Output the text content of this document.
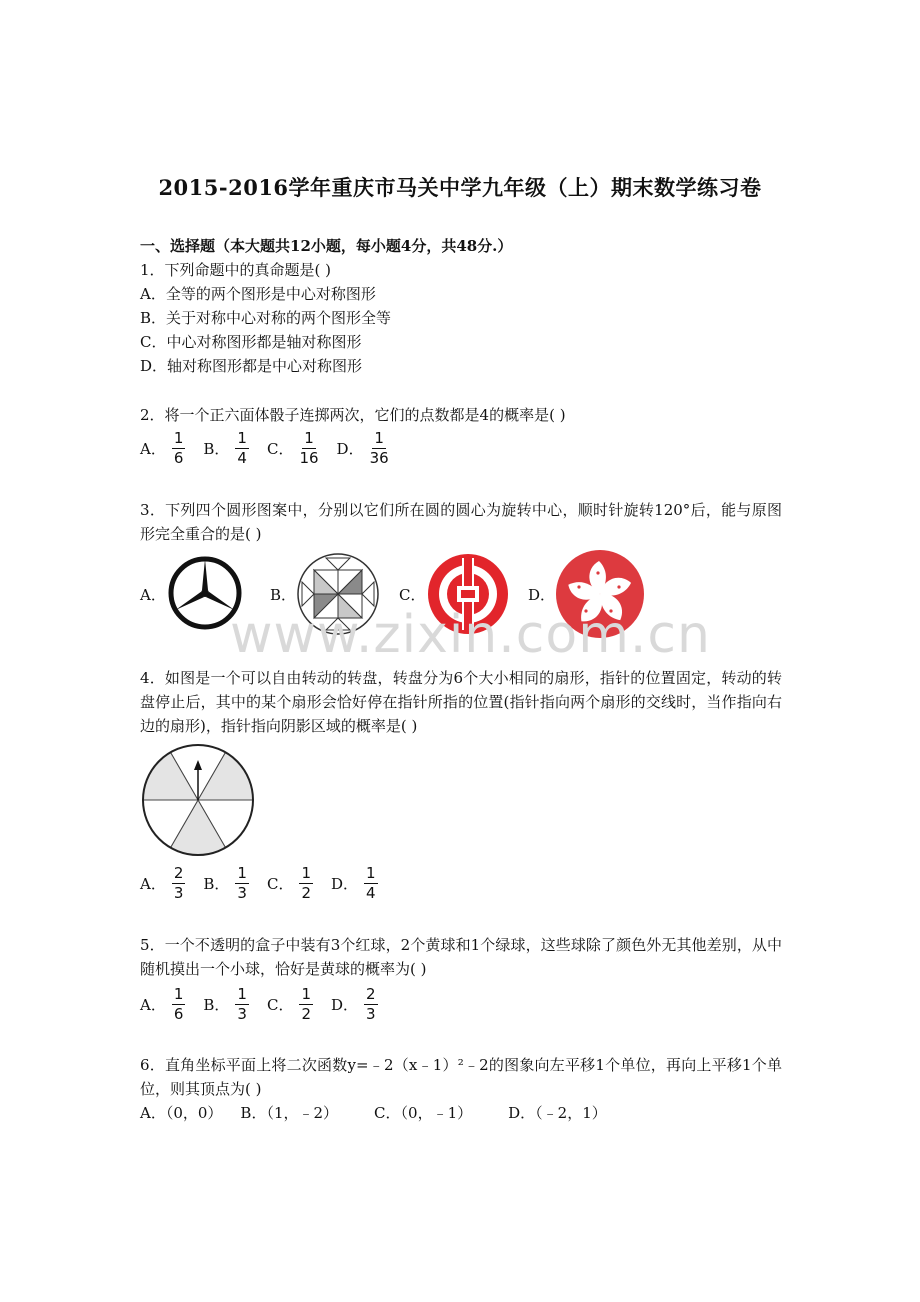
2015-2016学年重庆市马关中学九年级（上）期末数学练习卷
一、选择题（本大题共12小题，每小题4分，共48分.）
1．下列命题中的真命题是( )
A．全等的两个图形是中心对称图形
B．关于对称中心对称的两个图形全等
C．中心对称图形都是轴对称图形
D．轴对称图形都是中心对称图形
2．将一个正六面体骰子连掷两次，它们的点数都是4的概率是( )
A． $\frac{1}{6}$ B． $\frac{1}{4}$ C． $\frac{1}{16}$ D． $\frac{1}{36}$
3．下列四个圆形图案中，分别以它们所在圆的圆心为旋转中心，顺时针旋转120°后，能与原图形完全重合的是( )
A．	B．	C．	D．
www.zixin.com.cn
4．如图是一个可以自由转动的转盘，转盘分为6个大小相同的扇形，指针的位置固定，转动的转盘停止后，其中的某个扇形会恰好停在指针所指的位置(指针指向两个扇形的交线时，当作指向右边的扇形)，指针指向阴影区域的概率是( )
A． $\frac{2}{3}$ B． $\frac{1}{3}$ C． $\frac{1}{2}$ D． $\frac{1}{4}$
5．一个不透明的盒子中装有3个红球，2个黄球和1个绿球，这些球除了颜色外无其他差别，从中随机摸出一个小球，恰好是黄球的概率为( )
A． $\frac{1}{6}$ B． $\frac{1}{3}$ C． $\frac{1}{2}$ D． $\frac{2}{3}$
6．直角坐标平面上将二次函数y=﹣2（x﹣1）²﹣2的图象向左平移1个单位，再向上平移1个单位，则其顶点为( )
A．（0，0） B．（1，﹣2） C．（0，﹣1） D．（﹣2，1）
